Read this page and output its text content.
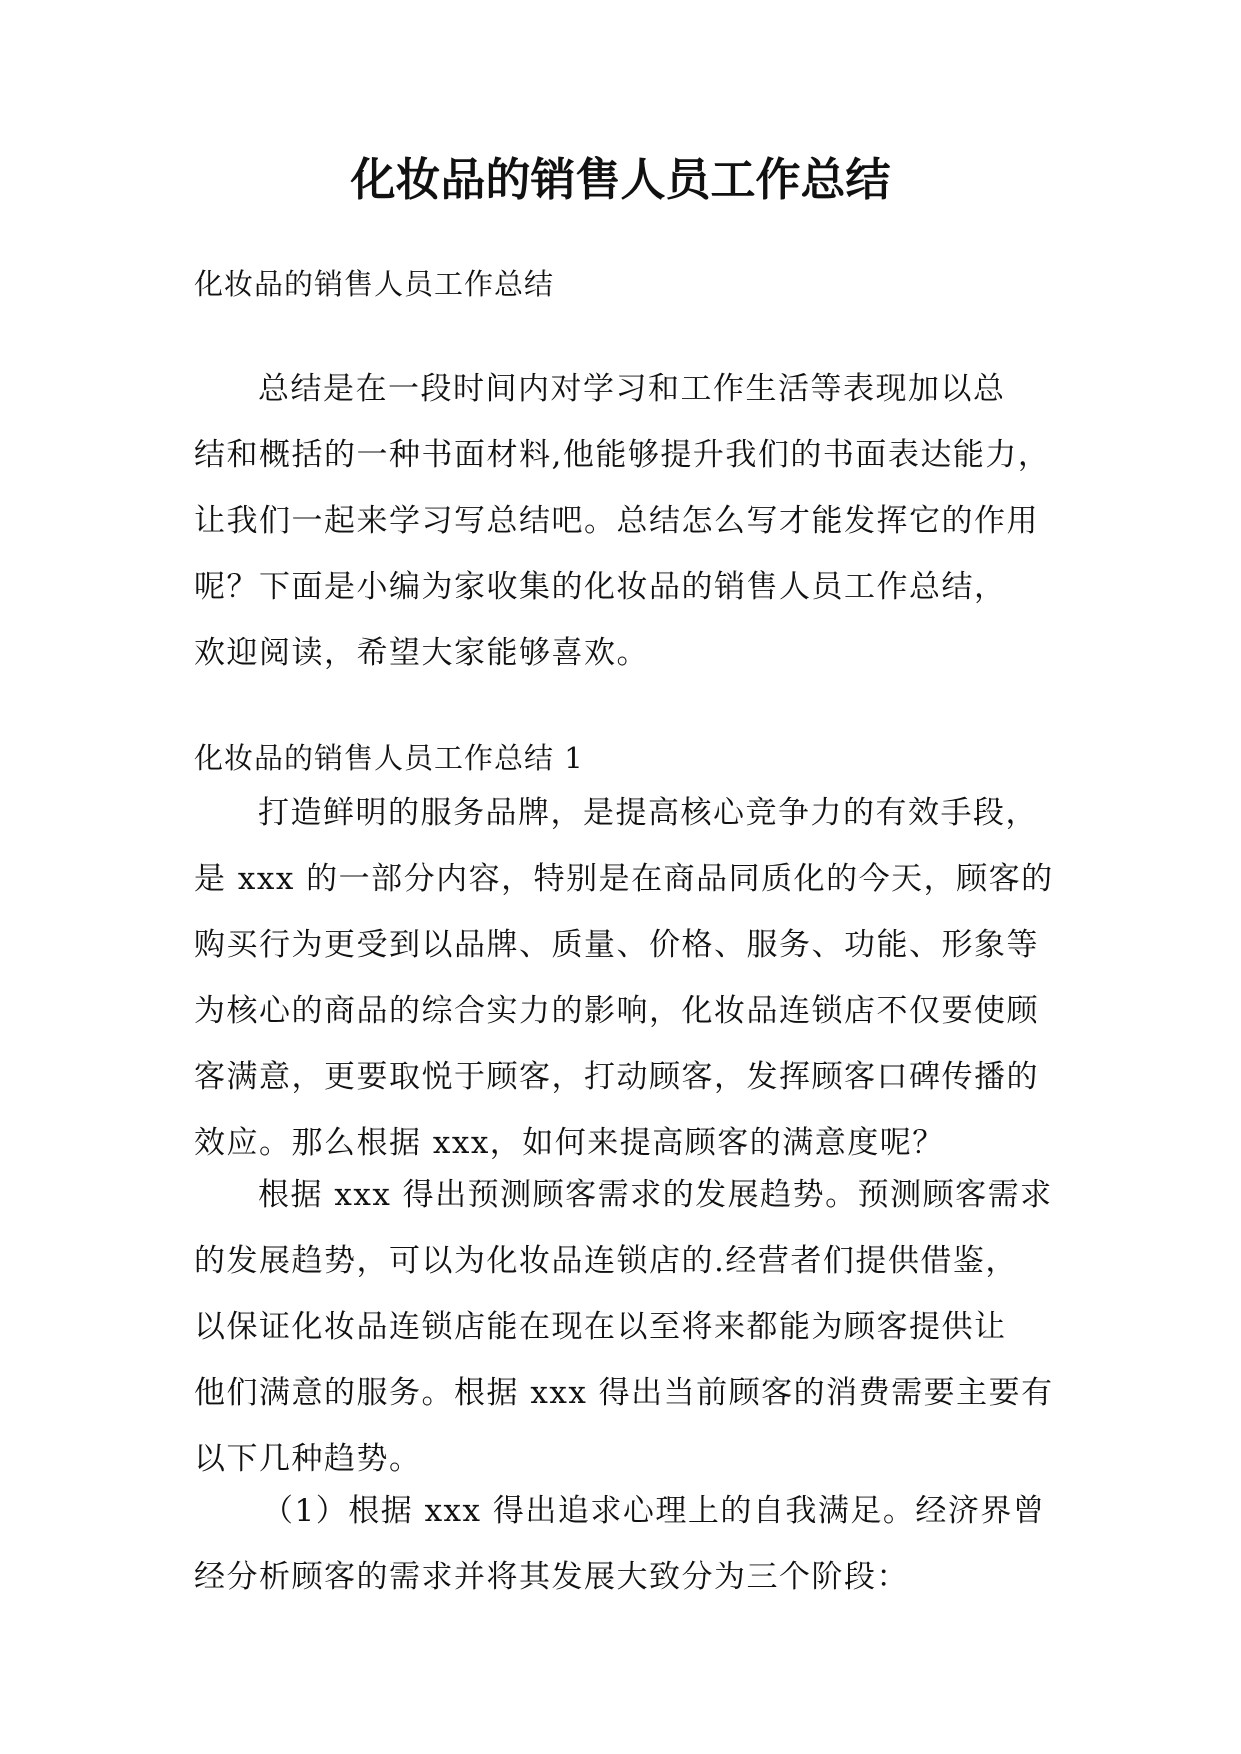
化妆品的销售人员工作总结

化妆品的销售人员工作总结

总结是在一段时间内对学习和工作生活等表现加以总
结和概括的一种书面材料,他能够提升我们的书面表达能力，
让我们一起来学习写总结吧。总结怎么写才能发挥它的作用
呢？下面是小编为家收集的化妆品的销售人员工作总结，
欢迎阅读，希望大家能够喜欢。

化妆品的销售人员工作总结 1

打造鲜明的服务品牌，是提高核心竞争力的有效手段，
是 xxx 的一部分内容，特别是在商品同质化的今天，顾客的
购买行为更受到以品牌、质量、价格、服务、功能、形象等
为核心的商品的综合实力的影响，化妆品连锁店不仅要使顾
客满意，更要取悦于顾客，打动顾客，发挥顾客口碑传播的
效应。那么根据 xxx，如何来提高顾客的满意度呢？
根据 xxx 得出预测顾客需求的发展趋势。预测顾客需求
的发展趋势，可以为化妆品连锁店的.经营者们提供借鉴，
以保证化妆品连锁店能在现在以至将来都能为顾客提供让
他们满意的服务。根据 xxx 得出当前顾客的消费需要主要有
以下几种趋势。
（1）根据 xxx 得出追求心理上的自我满足。经济界曾
经分析顾客的需求并将其发展大致分为三个阶段：
